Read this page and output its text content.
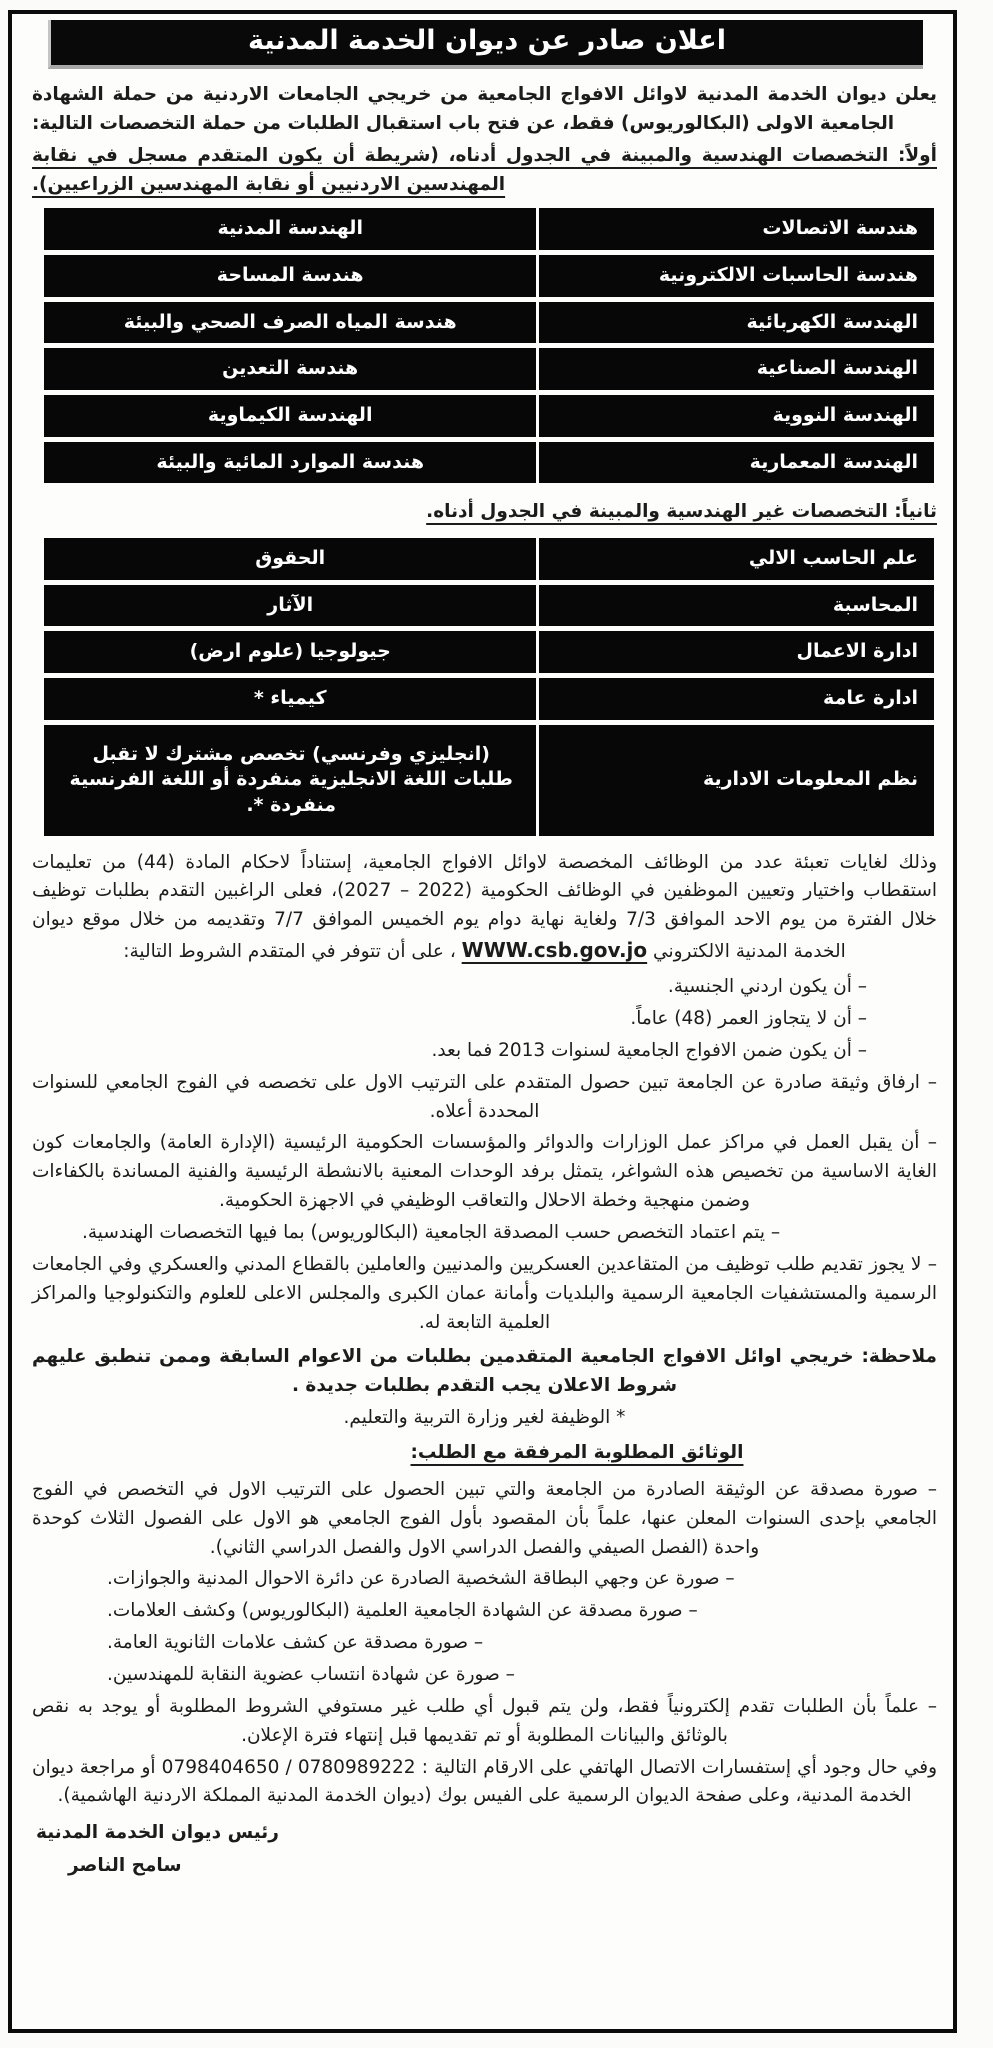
اعلان صادر عن ديوان الخدمة المدنية

يعلن ديوان الخدمة المدنية لاوائل الافواج الجامعية من خريجي الجامعات الاردنية من حملة الشهادة الجامعية الاولى (البكالوريوس) فقط، عن فتح باب استقبال الطلبات من حملة التخصصات التالية:

أولاً: التخصصات الهندسية والمبينة في الجدول أدناه، (شريطة أن يكون المتقدم مسجل في نقابة المهندسين الاردنيين أو نقابة المهندسين الزراعيين).

هندسة الاتصالات	الهندسة المدنية
هندسة الحاسبات الالكترونية	هندسة المساحة
الهندسة الكهربائية	هندسة المياه الصرف الصحي والبيئة
الهندسة الصناعية	هندسة التعدين
الهندسة النووية	الهندسة الكيماوية
الهندسة المعمارية	هندسة الموارد المائية والبيئة

ثانياً: التخصصات غير الهندسية والمبينة في الجدول أدناه.

علم الحاسب الالي	الحقوق
المحاسبة	الآثار
ادارة الاعمال	جيولوجيا (علوم ارض)
ادارة عامة	كيمياء *
نظم المعلومات الادارية	(انجليزي وفرنسي) تخصص مشترك لا تقبل طلبات اللغة الانجليزية منفردة أو اللغة الفرنسية منفردة *.

وذلك لغايات تعبئة عدد من الوظائف المخصصة لاوائل الافواج الجامعية، إستناداً لاحكام المادة (44) من تعليمات استقطاب واختيار وتعيين الموظفين في الوظائف الحكومية (2022 – 2027)، فعلى الراغبين التقدم بطلبات توظيف خلال الفترة من يوم الاحد الموافق 7/3 ولغاية نهاية دوام يوم الخميس الموافق 7/7 وتقديمه من خلال موقع ديوان الخدمة المدنية الالكتروني WWW.csb.gov.jo ، على أن تتوفر في المتقدم الشروط التالية:

– أن يكون اردني الجنسية.

– أن لا يتجاوز العمر (48) عاماً.

– أن يكون ضمن الافواج الجامعية لسنوات 2013 فما بعد.

– ارفاق وثيقة صادرة عن الجامعة تبين حصول المتقدم على الترتيب الاول على تخصصه في الفوج الجامعي للسنوات المحددة أعلاه.

– أن يقبل العمل في مراكز عمل الوزارات والدوائر والمؤسسات الحكومية الرئيسية (الإدارة العامة) والجامعات كون الغاية الاساسية من تخصيص هذه الشواغر، يتمثل برفد الوحدات المعنية بالانشطة الرئيسية والفنية المساندة بالكفاءات وضمن منهجية وخطة الاحلال والتعاقب الوظيفي في الاجهزة الحكومية.

– يتم اعتماد التخصص حسب المصدقة الجامعية (البكالوريوس) بما فيها التخصصات الهندسية.

– لا يجوز تقديم طلب توظيف من المتقاعدين العسكريين والمدنيين والعاملين بالقطاع المدني والعسكري وفي الجامعات الرسمية والمستشفيات الجامعية الرسمية والبلديات وأمانة عمان الكبرى والمجلس الاعلى للعلوم والتكنولوجيا والمراكز العلمية التابعة له.

ملاحظة: خريجي اوائل الافواج الجامعية المتقدمين بطلبات من الاعوام السابقة وممن تنطبق عليهم شروط الاعلان يجب التقدم بطلبات جديدة .

* الوظيفة لغير وزارة التربية والتعليم.

الوثائق المطلوبة المرفقة مع الطلب:

– صورة مصدقة عن الوثيقة الصادرة من الجامعة والتي تبين الحصول على الترتيب الاول في التخصص في الفوج الجامعي بإحدى السنوات المعلن عنها، علماً بأن المقصود بأول الفوج الجامعي هو الاول على الفصول الثلاث كوحدة واحدة (الفصل الصيفي والفصل الدراسي الاول والفصل الدراسي الثاني).

– صورة عن وجهي البطاقة الشخصية الصادرة عن دائرة الاحوال المدنية والجوازات.

– صورة مصدقة عن الشهادة الجامعية العلمية (البكالوريوس) وكشف العلامات.

– صورة مصدقة عن كشف علامات الثانوية العامة.

– صورة عن شهادة انتساب عضوية النقابة للمهندسين.

– علماً بأن الطلبات تقدم إلكترونياً فقط، ولن يتم قبول أي طلب غير مستوفي الشروط المطلوبة أو يوجد به نقص بالوثائق والبيانات المطلوبة أو تم تقديمها قبل إنتهاء فترة الإعلان.

وفي حال وجود أي إستفسارات الاتصال الهاتفي على الارقام التالية : 0780989222 / 0798404650 أو مراجعة ديوان الخدمة المدنية، وعلى صفحة الديوان الرسمية على الفيس بوك (ديوان الخدمة المدنية المملكة الاردنية الهاشمية).

رئيس ديوان الخدمة المدنية

سامح الناصر
